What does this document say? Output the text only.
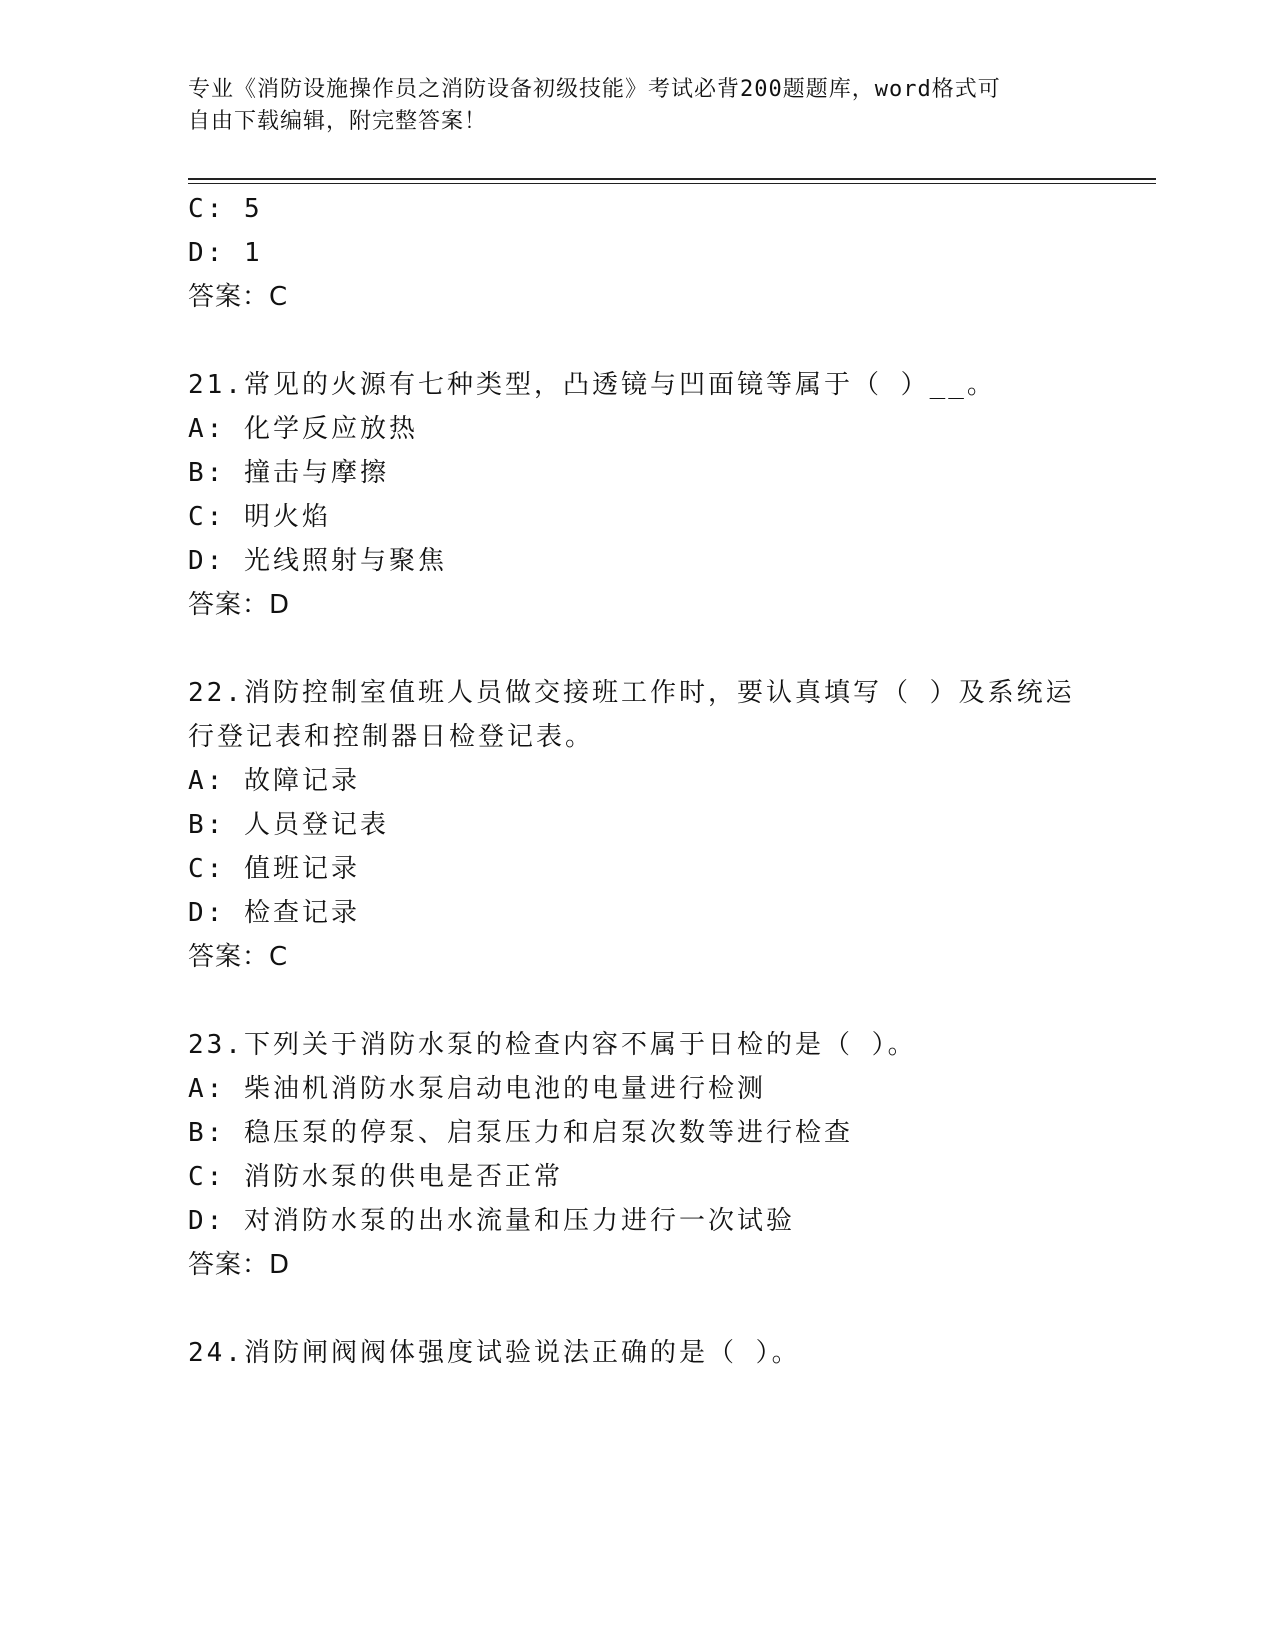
专业《消防设施操作员之消防设备初级技能》考试必背200题题库，word格式可
自由下载编辑，附完整答案！
C: 5
D: 1
答案：C
21.常见的火源有七种类型，凸透镜与凹面镜等属于（ ）__。
A: 化学反应放热
B: 撞击与摩擦
C: 明火焰
D: 光线照射与聚焦
答案：D
22.消防控制室值班人员做交接班工作时，要认真填写（ ）及系统运
行登记表和控制器日检登记表。
A: 故障记录
B: 人员登记表
C: 值班记录
D: 检查记录
答案：C
23.下列关于消防水泵的检查内容不属于日检的是（ ）。
A: 柴油机消防水泵启动电池的电量进行检测
B: 稳压泵的停泵、启泵压力和启泵次数等进行检查
C: 消防水泵的供电是否正常
D: 对消防水泵的出水流量和压力进行一次试验
答案：D
24.消防闸阀阀体强度试验说法正确的是（ ）。
